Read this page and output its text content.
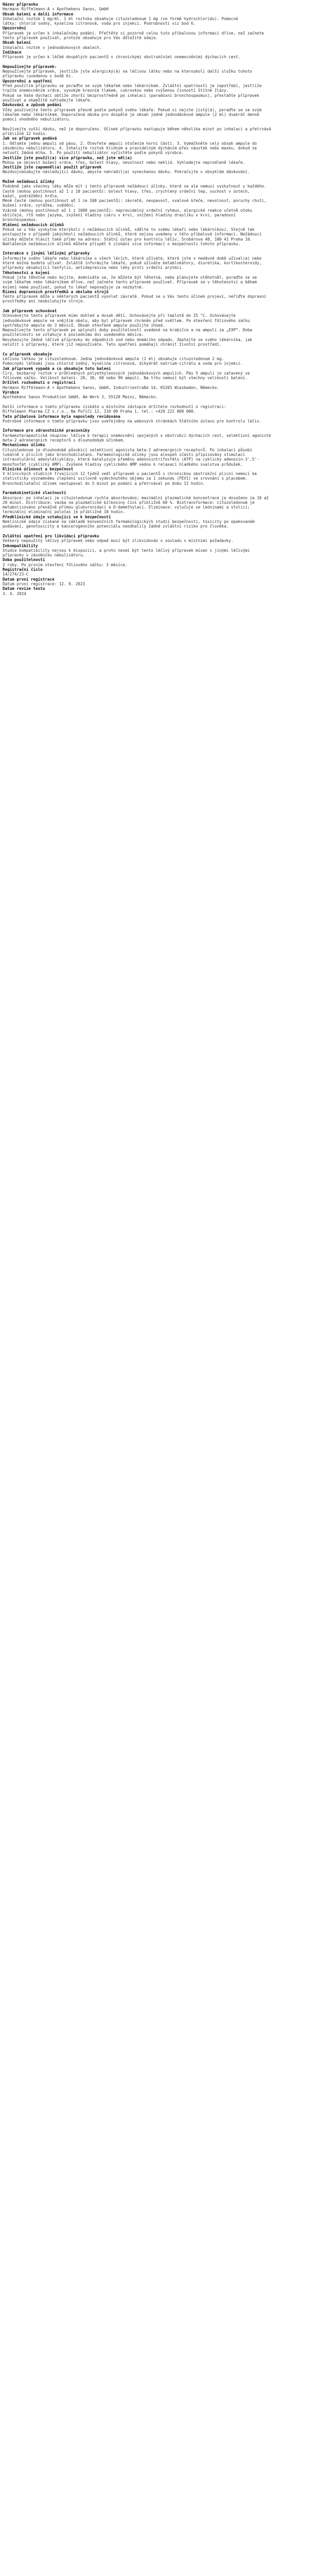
Název přípravku
Hermann Riffelmann-A + Apothekens Sanos, GmbH
Obsah balení a další informace
Inhalační roztok 1 mg/ml. 1 ml roztoku obsahuje cituzoledonum 1 mg (ve formě hydrochloridu). Pomocné
látky: chlorid sodný, kyselina citronová, voda pro injekci. Podrobnosti viz bod 6.
Upozornění
Přípravek je určen k inhalačnímu podání. Přečtěte si pozorně celou tuto příbalovou informaci dříve, než začnete
tento přípravek používat, protože obsahuje pro Vás důležité údaje.
Obsah balení
Inhalační roztok v jednodávkových obalech.
Indikace
Přípravek je určen k léčbě dospělých pacientů s chronickými obstrukčními onemocněními dýchacích cest.
Nepoužívejte přípravek:
Nepoužívejte přípravek, jestliže jste alergický(á) na léčivou látku nebo na kteroukoli další složku tohoto
přípravku (uvedenou v bodě 6).
Upozornění a opatření
Před použitím přípravku se poraďte se svým lékařem nebo lékárníkem. Zvláštní opatrnosti je zapotřebí, jestliže
trpíte onemocněním srdce, vysokým krevním tlakem, cukrovkou nebo zvýšenou činností štítné žlázy.
Pokud se Vaše dýchací obtíže zhorší bezprostředně po inhalaci (paradoxní bronchospasmus), přestaňte přípravek
používat a okamžitě vyhledejte lékaře.
Dávkování a způsob podání
Vždy používejte tento přípravek přesně podle pokynů svého lékaře. Pokud si nejste jistý(á), poraďte se se svým
lékařem nebo lékárníkem. Doporučená dávka pro dospělé je obsah jedné jednodávkové ampule (2 ml) dvakrát denně
pomocí vhodného nebulizátoru.
Neužívejte vyšší dávku, než je doporučeno. Účinek přípravku nastupuje během několika minut po inhalaci a přetrvává
přibližně 12 hodin.
Jak se přípravek podává
1. Odlomte jednu ampuli od pásu. 2. Otevřete ampuli otočením horní části. 3. Vymáčkněte celý obsah ampule do
zásobníku nebulizátoru. 4. Inhalujte roztok klidným a pravidelným dýcháním přes náustek nebo masku, dokud se
netvoří žádná mlha. 5. Po použití nebulizátor vyčistěte podle pokynů výrobce.
Jestliže jste použil(a) více přípravku, než jste měl(a)
Mohou se objevit bušení srdce, třes, bolest hlavy, nevolnost nebo neklid. Vyhledejte neprodleně lékaře.
Jestliže jste zapomněl(a) použít přípravek
Nezdvojnásobujte následující dávku, abyste nahradil(a) vynechanou dávku. Pokračujte v obvyklém dávkování.
Možné nežádoucí účinky
Podobně jako všechny léky může mít i tento přípravek nežádoucí účinky, které se ale nemusí vyskytnout u každého.
Časté (mohou postihnout až 1 z 10 pacientů): bolest hlavy, třes, zrychlený srdeční tep, suchost v ústech,
kašel, podráždění hrdla.
Méně časté (mohou postihnout až 1 ze 100 pacientů): závratě, nespavost, svalové křeče, nevolnost, poruchy chuti,
bušení srdce, vyrážka, svědění.
Vzácné (mohou postihnout až 1 z 1000 pacientů): nepravidelný srdeční rytmus, alergické reakce včetně otoku
obličeje, rtů nebo jazyka, zvýšení hladiny cukru v krvi, snížení hladiny draslíku v krvi, paradoxní
bronchospasmus.
Hlášení nežádoucích účinků
Pokud se u Vás vyskytne kterýkoli z nežádoucích účinků, sdělte to svému lékaři nebo lékárníkovi. Stejně tak
postupujte v případě jakýchkoli nežádoucích účinků, které nejsou uvedeny v této příbalové informaci. Nežádoucí
účinky můžete hlásit také přímo na adresu: Státní ústav pro kontrolu léčiv, Šrobárova 48, 100 41 Praha 10.
Nahlášením nežádoucích účinků můžete přispět k získání více informací o bezpečnosti tohoto přípravku.
Interakce s jinými léčivými přípravky
Informujte svého lékaře nebo lékárníka o všech lécích, které užíváte, které jste v nedávné době užíval(a) nebo
které možná budete užívat. Zvláště informujte lékaře, pokud užíváte betablokátory, diuretika, kortikosteroidy,
přípravky obsahující teofylin, antidepresiva nebo léky proti srdeční arytmii.
Těhotenství a kojení
Pokud jste těhotná nebo kojíte, domníváte se, že můžete být těhotná, nebo plánujete otěhotnět, poraďte se se
svým lékařem nebo lékárníkem dříve, než začnete tento přípravek používat. Přípravek se v těhotenství a během
kojení nemá používat, pokud to lékař nepovažuje za nezbytné.
Řízení dopravních prostředků a obsluha strojů
Tento přípravek může u některých pacientů vyvolat závratě. Pokud se u Vás tento účinek projeví, neřiďte dopravní
prostředky ani neobsluhujte stroje.
Jak přípravek uchovávat
Uchovávejte tento přípravek mimo dohled a dosah dětí. Uchovávejte při teplotě do 25 °C. Uchovávejte
jednodávkové ampule ve vnějším obalu, aby byl přípravek chráněn před světlem. Po otevření fóliového sáčku
spotřebujte ampule do 3 měsíců. Obsah otevřené ampule použijte ihned.
Nepoužívejte tento přípravek po uplynutí doby použitelnosti uvedené na krabičce a na ampuli za „EXP“. Doba
použitelnosti se vztahuje k poslednímu dni uvedeného měsíce.
Nevyhazujte žádné léčivé přípravky do odpadních vod nebo domácího odpadu. Zeptejte se svého lékárníka, jak
naložit s přípravky, které již nepoužíváte. Tato opatření pomáhají chránit životní prostředí.
Co přípravek obsahuje
Léčivou látkou je cituzoledonum. Jedna jednodávková ampule (2 ml) obsahuje cituzoledonum 2 mg.
Pomocnými látkami jsou chlorid sodný, kyselina citronová, dihydrát natrium-citrátu a voda pro injekci.
Jak přípravek vypadá a co obsahuje toto balení
Čirý, bezbarvý roztok v průhledných polyethylenových jednodávkových ampulích. Pás 5 ampulí je zatavený ve
fóliovém sáčku. Velikost balení: 20, 30, 60 nebo 90 ampulí. Na trhu nemusí být všechny velikosti balení.
Držitel rozhodnutí o registraci
Hermann Riffelmann-A + Apothekens Sanos, GmbH, Industriestraße 14, 65203 Wiesbaden, Německo.
Výrobce
Apothekens Sanos Produktion GmbH, Am Werk 3, 55120 Mainz, Německo.
Další informace o tomto přípravku získáte u místního zástupce držitele rozhodnutí o registraci:
Riffelmann Pharma CZ s.r.o., Na Poříčí 12, 110 00 Praha 1, tel.: +420 222 000 000.
Tato příbalová informace byla naposledy revidována
Podrobné informace o tomto přípravku jsou uveřejněny na webových stránkách Státního ústavu pro kontrolu léčiv.
Informace pro zdravotnické pracovníky
Farmakoterapeutická skupina: léčiva k terapii onemocnění spojených s obstrukcí dýchacích cest, selektivní agonisté
beta-2 adrenergních receptorů s dlouhodobým účinkem.
Mechanismus účinku
Cituzoledonum je dlouhodobě působící selektivní agonista beta-2 adrenergních receptorů. Po inhalaci působí
lokálně v plicích jako bronchodilatans. Farmakologické účinky jsou alespoň zčásti připisovány stimulaci
intracelulární adenylátcyklázy, která katalyzuje přeměnu adenosintrifosfátu (ATP) na cyklický adenosin-3',5'-
monofosfát (cyklický AMP). Zvýšené hladiny cyklického AMP vedou k relaxaci hladkého svalstva průdušek.
Klinická účinnost a bezpečnost
V klinických studiích trvajících 12 týdnů vedl přípravek u pacientů s chronickou obstrukční plicní nemocí ke
statisticky významnému zlepšení usilovně vydechnutého objemu za 1 sekundu (FEV1) ve srovnání s placebem.
Bronchodilatační účinek nastupoval do 5 minut po podání a přetrvával po dobu 12 hodin.
Farmakokinetické vlastnosti
Absorpce: po inhalaci je cituzoledonum rychle absorbováno; maximální plazmatické koncentrace je dosaženo za 10 až
20 minut. Distribuce: vazba na plazmatické bílkoviny činí přibližně 60 %. Biotransformace: cituzoledonum je
metabolizováno převážně přímou glukuronidací a O-demethylací. Eliminace: vylučuje se ledvinami a stolicí;
terminální eliminační poločas je přibližně 10 hodin.
Předklinické údaje vztahující se k bezpečnosti
Neklinické údaje získané na základě konvenčních farmakologických studií bezpečnosti, toxicity po opakovaném
podávání, genotoxicity a kancerogenního potenciálu neodhalily žádné zvláštní riziko pro člověka.
Zvláštní opatření pro likvidaci přípravku
Veškerý nepoužitý léčivý přípravek nebo odpad musí být zlikvidován v souladu s místními požadavky.
Inkompatibility
Studie kompatibility nejsou k dispozici, a proto nesmí být tento léčivý přípravek mísen s jinými léčivými
přípravky v zásobníku nebulizátoru.
Doba použitelnosti
2 roky. Po prvním otevření fóliového sáčku: 3 měsíce.
Registrační číslo
14/274/23-C
Datum první registrace
Datum první registrace: 12. 9. 2023
Datum revize textu
3. 4. 2024
